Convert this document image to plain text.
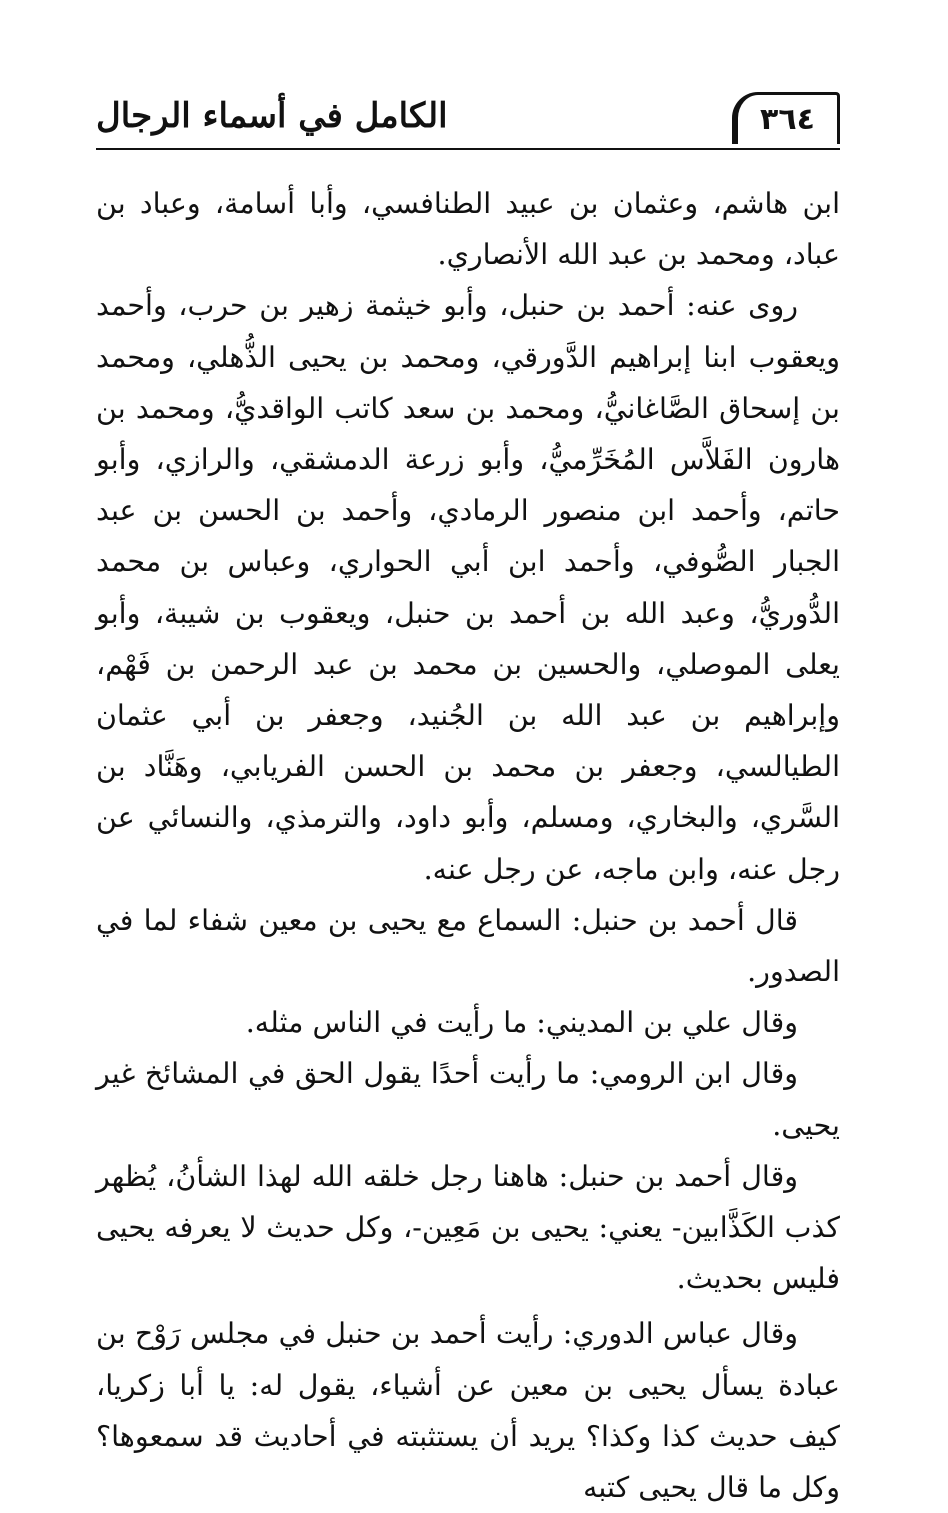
الكامل في أسماء الرجال	٣٦٤

ابن هاشم، وعثمان بن عبيد الطنافسي، وأبا أسامة، وعباد بن عباد، ومحمد بن عبد الله الأنصاري.

روى عنه: أحمد بن حنبل، وأبو خيثمة زهير بن حرب، وأحمد ويعقوب ابنا إبراهيم الدَّورقي، ومحمد بن يحيى الذُّهلي، ومحمد بن إسحاق الصَّاغانيُّ، ومحمد بن سعد كاتب الواقديُّ، ومحمد بن هارون الفَلاَّس المُخَرِّميُّ، وأبو زرعة الدمشقي، والرازي، وأبو حاتم، وأحمد ابن منصور الرمادي، وأحمد بن الحسن بن عبد الجبار الصُّوفي، وأحمد ابن أبي الحواري، وعباس بن محمد الدُّوريُّ، وعبد الله بن أحمد بن حنبل، ويعقوب بن شيبة، وأبو يعلى الموصلي، والحسين بن محمد بن عبد الرحمن بن فَهْم، وإبراهيم بن عبد الله بن الجُنيد، وجعفر بن أبي عثمان الطيالسي، وجعفر بن محمد بن الحسن الفريابي، وهَنَّاد بن السَّري، والبخاري، ومسلم، وأبو داود، والترمذي، والنسائي عن رجل عنه، وابن ماجه، عن رجل عنه.

قال أحمد بن حنبل: السماع مع يحيى بن معين شفاء لما في الصدور.

وقال علي بن المديني: ما رأيت في الناس مثله.

وقال ابن الرومي: ما رأيت أحدًا يقول الحق في المشائخ غير يحيى.

وقال أحمد بن حنبل: هاهنا رجل خلقه الله لهذا الشأنُ، يُظهر كذب الكَذَّابين- يعني: يحيى بن مَعِين-، وكل حديث لا يعرفه يحيى فليس بحديث.

وقال عباس الدوري: رأيت أحمد بن حنبل في مجلس رَوْح بن عبادة يسأل يحيى بن معين عن أشياء، يقول له: يا أبا زكريا، كيف حديث كذا وكذا؟ يريد أن يستثبته في أحاديث قد سمعوها؟ وكل ما قال يحيى كتبه
